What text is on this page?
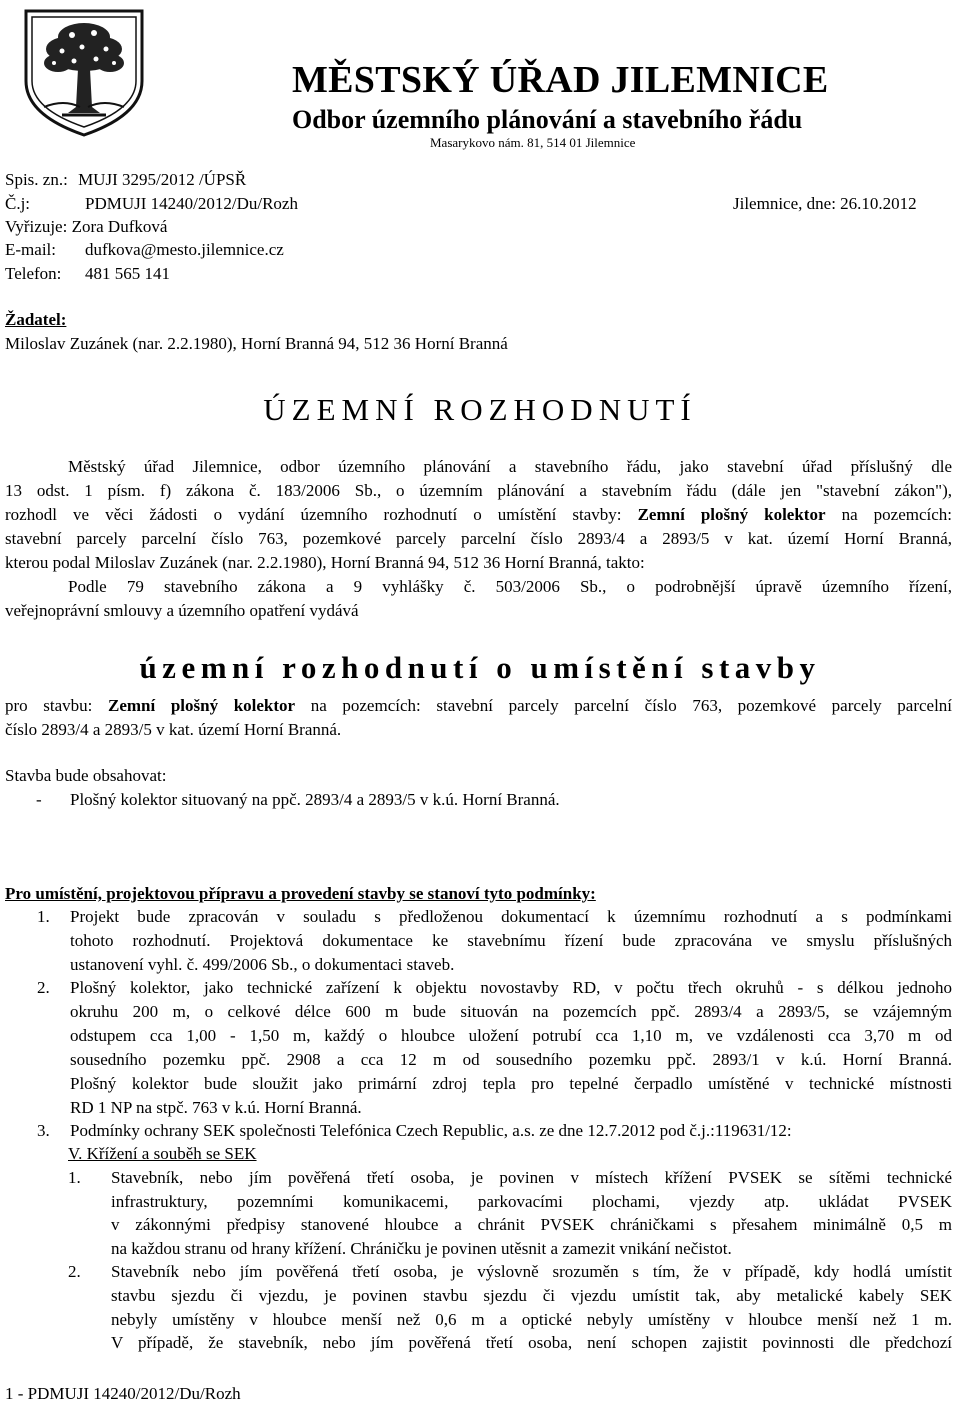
MĚSTSKÝ ÚŘAD JILEMNICE

Odbor územního plánování a stavebního řádu

Masarykovo nám. 81, 514 01 Jilemnice

Spis. zn.: MUJI 3295/2012 /ÚPSŘ
Č.j:	PDMUJI 14240/2012/Du/Rozh	Jilemnice, dne: 26.10.2012

Vyřizuje: Zora Dufková
E-mail: dufkova@mesto.jilemnice.cz
Telefon: 481 565 141

Žadatel:

Miloslav Zuzánek (nar. 2.2.1980), Horní Branná 94, 512 36 Horní Branná

ÚZEMNÍ ROZHODNUTÍ

Městský úřad Jilemnice, odbor územního plánování a stavebního řádu, jako stavební úřad příslušný dle

13 odst. 1 písm. f) zákona č. 183/2006 Sb., o územním plánování a stavebním řádu (dále jen "stavební zákon"),

rozhodl ve věci žádosti o vydání územního rozhodnutí o umístění stavby: Zemní plošný kolektor na pozemcích:

stavební parcely parcelní číslo 763, pozemkové parcely parcelní číslo 2893/4 a 2893/5 v kat. území Horní Branná,

kterou podal Miloslav Zuzánek (nar. 2.2.1980), Horní Branná 94, 512 36 Horní Branná, takto:

Podle 79 stavebního zákona a 9 vyhlášky č. 503/2006 Sb., o podrobnější úpravě územního řízení,

veřejnoprávní smlouvy a územního opatření vydává

územní rozhodnutí o umístění stavby

pro stavbu: Zemní plošný kolektor na pozemcích: stavební parcely parcelní číslo 763, pozemkové parcely parcelní

číslo 2893/4 a 2893/5 v kat. území Horní Branná.

Stavba bude obsahovat:

- Plošný kolektor situovaný na ppč. 2893/4 a 2893/5 v k.ú. Horní Branná.

Pro umístění, projektovou přípravu a provedení stavby se stanoví tyto podmínky:

1. Projekt bude zpracován v souladu s předloženou dokumentací k územnímu rozhodnutí a s podmínkami

tohoto rozhodnutí. Projektová dokumentace ke stavebnímu řízení bude zpracována ve smyslu příslušných

ustanovení vyhl. č. 499/2006 Sb., o dokumentaci staveb.

2. Plošný kolektor, jako technické zařízení k objektu novostavby RD, v počtu třech okruhů - s délkou jednoho

okruhu 200 m, o celkové délce 600 m bude situován na pozemcích ppč. 2893/4 a 2893/5, se vzájemným

odstupem cca 1,00 - 1,50 m, každý o hloubce uložení potrubí cca 1,10 m, ve vzdálenosti cca 3,70 m od

sousedního pozemku ppč. 2908 a cca 12 m od sousedního pozemku ppč. 2893/1 v k.ú. Horní Branná.

Plošný kolektor bude sloužit jako primární zdroj tepla pro tepelné čerpadlo umístěné v technické místnosti

RD 1 NP na stpč. 763 v k.ú. Horní Branná.

3. Podmínky ochrany SEK společnosti Telefónica Czech Republic, a.s. ze dne 12.7.2012 pod č.j.:119631/12:

V. Křížení a souběh se SEK

1. Stavebník, nebo jím pověřená třetí osoba, je povinen v místech křížení PVSEK se sítěmi technické

infrastruktury, pozemními komunikacemi, parkovacími plochami, vjezdy atp. ukládat PVSEK

v zákonnými předpisy stanovené hloubce a chránit PVSEK chráničkami s přesahem minimálně 0,5 m

na každou stranu od hrany křížení. Chráničku je povinen utěsnit a zamezit vnikání nečistot.

2. Stavebník nebo jím pověřená třetí osoba, je výslovně srozuměn s tím, že v případě, kdy hodlá umístit

stavbu sjezdu či vjezdu, je povinen stavbu sjezdu či vjezdu umístit tak, aby metalické kabely SEK

nebyly umístěny v hloubce menší než 0,6 m a optické nebyly umístěny v hloubce menší než 1 m.

V případě, že stavebník, nebo jím pověřená třetí osoba, není schopen zajistit povinnosti dle předchozí

1 - PDMUJI 14240/2012/Du/Rozh
